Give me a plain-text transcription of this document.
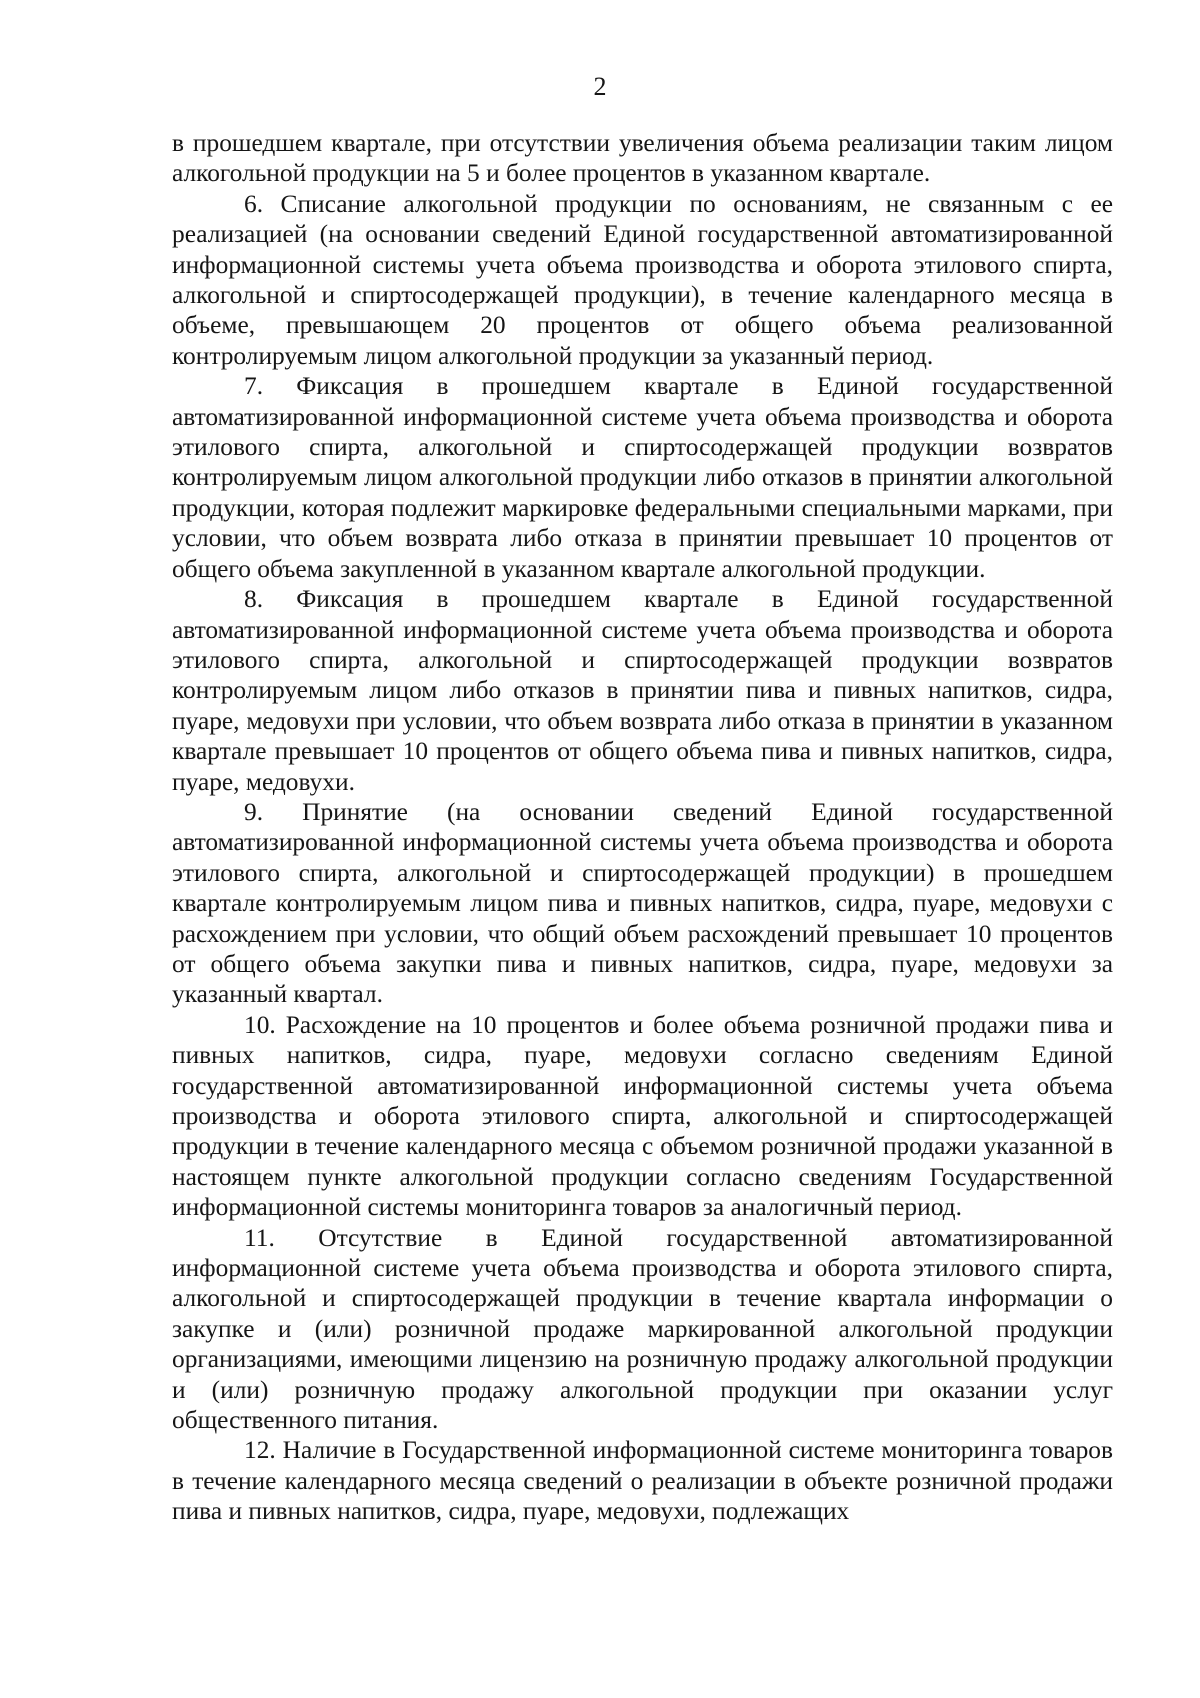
2

в прошедшем квартале, при отсутствии увеличения объема реализации таким лицом алкогольной продукции на 5 и более процентов в указанном квартале.

6. Списание алкогольной продукции по основаниям, не связанным с ее реализацией (на основании сведений Единой государственной автоматизированной информационной системы учета объема производства и оборота этилового спирта, алкогольной и спиртосодержащей продукции), в течение календарного месяца в объеме, превышающем 20 процентов от общего объема реализованной контролируемым лицом алкогольной продукции за указанный период.

7. Фиксация в прошедшем квартале в Единой государственной автоматизированной информационной системе учета объема производства и оборота этилового спирта, алкогольной и спиртосодержащей продукции возвратов контролируемым лицом алкогольной продукции либо отказов в принятии алкогольной продукции, которая подлежит маркировке федеральными специальными марками, при условии, что объем возврата либо отказа в принятии превышает 10 процентов от общего объема закупленной в указанном квартале алкогольной продукции.

8. Фиксация в прошедшем квартале в Единой государственной автоматизированной информационной системе учета объема производства и оборота этилового спирта, алкогольной и спиртосодержащей продукции возвратов контролируемым лицом либо отказов в принятии пива и пивных напитков, сидра, пуаре, медовухи при условии, что объем возврата либо отказа в принятии в указанном квартале превышает 10 процентов от общего объема пива и пивных напитков, сидра, пуаре, медовухи.

9. Принятие (на основании сведений Единой государственной автоматизированной информационной системы учета объема производства и оборота этилового спирта, алкогольной и спиртосодержащей продукции) в прошедшем квартале контролируемым лицом пива и пивных напитков, сидра, пуаре, медовухи с расхождением при условии, что общий объем расхождений превышает 10 процентов от общего объема закупки пива и пивных напитков, сидра, пуаре, медовухи за указанный квартал.

10. Расхождение на 10 процентов и более объема розничной продажи пива и пивных напитков, сидра, пуаре, медовухи согласно сведениям Единой государственной автоматизированной информационной системы учета объема производства и оборота этилового спирта, алкогольной и спиртосодержащей продукции в течение календарного месяца с объемом розничной продажи указанной в настоящем пункте алкогольной продукции согласно сведениям Государственной информационной системы мониторинга товаров за аналогичный период.

11. Отсутствие в Единой государственной автоматизированной информационной системе учета объема производства и оборота этилового спирта, алкогольной и спиртосодержащей продукции в течение квартала информации о закупке и (или) розничной продаже маркированной алкогольной продукции организациями, имеющими лицензию на розничную продажу алкогольной продукции и (или) розничную продажу алкогольной продукции при оказании услуг общественного питания.

12. Наличие в Государственной информационной системе мониторинга товаров в течение календарного месяца сведений о реализации в объекте розничной продажи пива и пивных напитков, сидра, пуаре, медовухи, подлежащих
